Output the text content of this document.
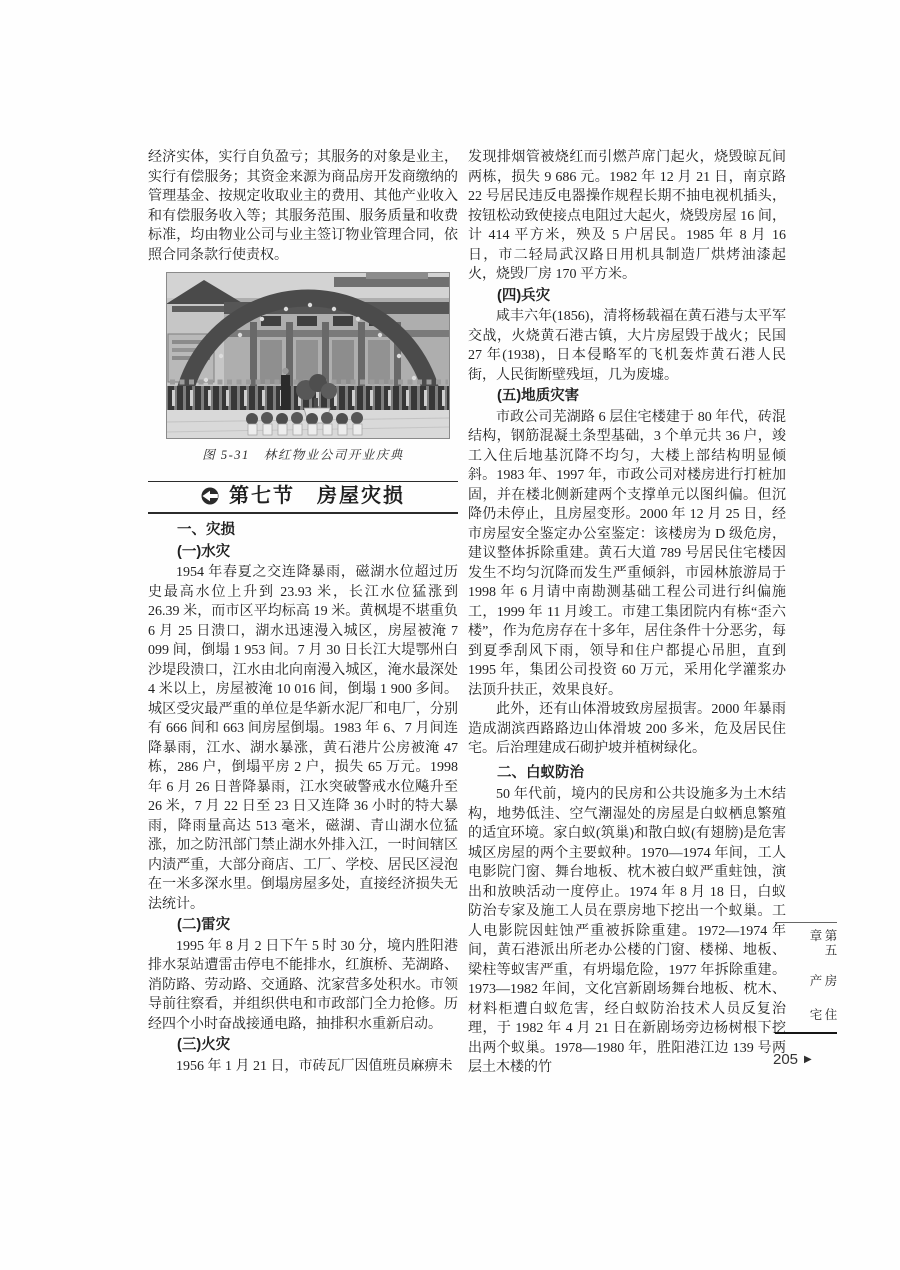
经济实体，实行自负盈亏；其服务的对象是业主，实行有偿服务；其资金来源为商品房开发商缴纳的管理基金、按规定收取业主的费用、其他产业收入和有偿服务收入等；其服务范围、服务质量和收费标准，均由物业公司与业主签订物业管理合同，依照合同条款行使责权。

图 5-31　林红物业公司开业庆典
第七节　房屋灾损
一、灾损
(一)水灾

1954 年春夏之交连降暴雨，磁湖水位超过历史最高水位上升到 23.93 米，长江水位猛涨到 26.39 米，而市区平均标高 19 米。黄枫堤不堪重负 6 月 25 日溃口，湖水迅速漫入城区，房屋被淹 7 099 间，倒塌 1 953 间。7 月 30 日长江大堤鄂州白沙堤段溃口，江水由北向南漫入城区，淹水最深处 4 米以上，房屋被淹 10 016 间，倒塌 1 900 多间。城区受灾最严重的单位是华新水泥厂和电厂，分别有 666 间和 663 间房屋倒塌。1983 年 6、7 月间连降暴雨，江水、湖水暴涨，黄石港片公房被淹 47 栋，286 户，倒塌平房 2 户，损失 65 万元。1998 年 6 月 26 日普降暴雨，江水突破警戒水位飚升至 26 米，7 月 22 日至 23 日又连降 36 小时的特大暴雨，降雨量高达 513 毫米，磁湖、青山湖水位猛涨，加之防汛部门禁止湖水外排入江，一时间辖区内渍严重，大部分商店、工厂、学校、居民区浸泡在一米多深水里。倒塌房屋多处，直接经济损失无法统计。

(二)雷灾

1995 年 8 月 2 日下午 5 时 30 分，境内胜阳港排水泵站遭雷击停电不能排水，红旗桥、芜湖路、消防路、劳动路、交通路、沈家营多处积水。市领导前往察看，并组织供电和市政部门全力抢修。历经四个小时奋战接通电路，抽排积水重新启动。

(三)火灾

1956 年 1 月 21 日，市砖瓦厂因值班员麻痹未

发现排烟管被烧红而引燃芦席门起火，烧毁晾瓦间两栋，损失 9 686 元。1982 年 12 月 21 日，南京路 22 号居民违反电器操作规程长期不抽电视机插头，按钮松动致使接点电阻过大起火，烧毁房屋 16 间，计 414 平方米，殃及 5 户居民。1985 年 8 月 16 日，市二轻局武汉路日用机具制造厂烘烤油漆起火，烧毁厂房 170 平方米。

(四)兵灾

咸丰六年(1856)，清将杨载福在黄石港与太平军交战，火烧黄石港古镇，大片房屋毁于战火；民国 27 年(1938)，日本侵略军的飞机轰炸黄石港人民街，人民街断壁残垣，几为废墟。

(五)地质灾害

市政公司芜湖路 6 层住宅楼建于 80 年代，砖混结构，钢筋混凝土条型基础，3 个单元共 36 户，竣工入住后地基沉降不均匀，大楼上部结构明显倾斜。1983 年、1997 年，市政公司对楼房进行打桩加固，并在楼北侧新建两个支撑单元以图纠偏。但沉降仍未停止，且房屋变形。2000 年 12 月 25 日，经市房屋安全鉴定办公室鉴定：该楼房为 D 级危房，建议整体拆除重建。黄石大道 789 号居民住宅楼因发生不均匀沉降而发生严重倾斜，市园林旅游局于 1998 年 6 月请中南勘测基础工程公司进行纠偏施工，1999 年 11 月竣工。市建工集团院内有栋“歪六楼”，作为危房存在十多年，居住条件十分恶劣，每到夏季刮风下雨，领导和住户都提心吊胆，直到 1995 年，集团公司投资 60 万元，采用化学灌浆办法顶升扶正，效果良好。

此外，还有山体滑坡致房屋损害。2000 年暴雨造成湖滨西路路边山体滑坡 200 多米，危及居民住宅。后治理建成石砌护坡并植树绿化。

二、白蚁防治

50 年代前，境内的民房和公共设施多为土木结构，地势低洼、空气潮湿处的房屋是白蚁栖息繁殖的适宜环境。家白蚁(筑巢)和散白蚁(有翅膀)是危害城区房屋的两个主要蚁种。1970—1974 年间，工人电影院门窗、舞台地板、枕木被白蚁严重蛀蚀，演出和放映活动一度停止。1974 年 8 月 18 日，白蚁防治专家及施工人员在票房地下挖出一个蚁巢。工人电影院因蛀蚀严重被拆除重建。1972—1974 年间，黄石港派出所老办公楼的门窗、楼梯、地板、梁柱等蚁害严重，有坍塌危险，1977 年拆除重建。1973—1982 年间，文化宫新剧场舞台地板、枕木、材料柜遭白蚁危害，经白蚁防治技术人员反复治理，于 1982 年 4 月 21 日在新剧场旁边杨树根下挖出两个蚁巢。1978—1980 年，胜阳港江边 139 号两层土木楼的竹

第五章
房产
住宅
205 ▶
